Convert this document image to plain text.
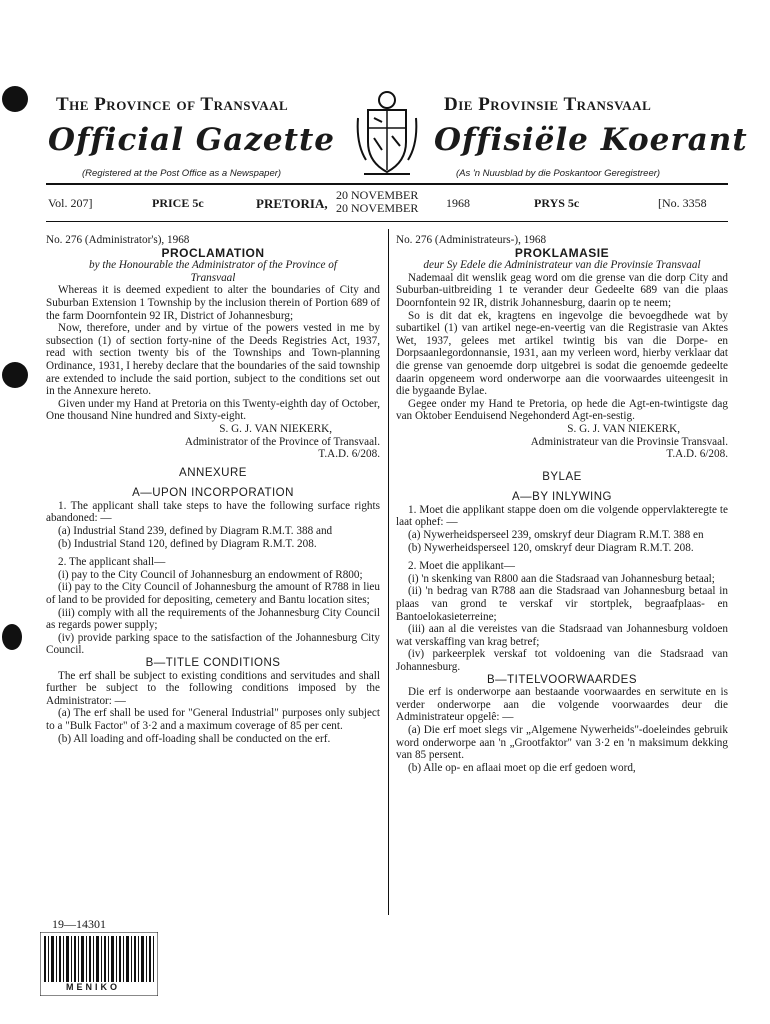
The Province of Transvaal	Die Provinsie Transvaal
Official Gazette	Offisiële Koerant
(Registered at the Post Office as a Newspaper)	(As 'n Nuusblad by die Poskantoor Geregistreer)
Vol. 207]	PRICE 5c	PRETORIA,
20 NOVEMBER
20 NOVEMBER 1968	PRYS 5c	[No. 3358

No. 276 (Administrator's), 1968

PROCLAMATION

by the Honourable the Administrator of the Province of Transvaal

Whereas it is deemed expedient to alter the boundaries of City and Suburban Extension 1 Township by the inclusion therein of Portion 689 of the farm Doornfontein 92 IR, District of Johannesburg;

Now, therefore, under and by virtue of the powers vested in me by subsection (1) of section forty-nine of the Deeds Registries Act, 1937, read with section twenty bis of the Townships and Town-planning Ordinance, 1931, I hereby declare that the boundaries of the said township are extended to include the said portion, subject to the conditions set out in the Annexure hereto.

Given under my Hand at Pretoria on this Twenty-eighth day of October, One thousand Nine hundred and Sixty-eight.

S. G. J. VAN NIEKERK,

Administrator of the Province of Transvaal.

T.A.D. 6/208.

ANNEXURE

A—UPON INCORPORATION

1. The applicant shall take steps to have the following surface rights abandoned: —

(a) Industrial Stand 239, defined by Diagram R.M.T. 388 and

(b) Industrial Stand 120, defined by Diagram R.M.T. 208.

2. The applicant shall—

(i) pay to the City Council of Johannesburg an endowment of R800;

(ii) pay to the City Council of Johannesburg the amount of R788 in lieu of land to be provided for depositing, cemetery and Bantu location sites;

(iii) comply with all the requirements of the Johannesburg City Council as regards power supply;

(iv) provide parking space to the satisfaction of the Johannesburg City Council.

B—TITLE CONDITIONS

The erf shall be subject to existing conditions and servitudes and shall further be subject to the following conditions imposed by the Administrator: —

(a) The erf shall be used for "General Industrial" purposes only subject to a "Bulk Factor" of 3·2 and a maximum coverage of 85 per cent.

(b) All loading and off-loading shall be conducted on the erf.

No. 276 (Administrateurs-), 1968

PROKLAMASIE

deur Sy Edele die Administrateur van die Provinsie Transvaal

Nademaal dit wenslik geag word om die grense van die dorp City and Suburban-uitbreiding 1 te verander deur Gedeelte 689 van die plaas Doornfontein 92 IR, distrik Johannesburg, daarin op te neem;

So is dit dat ek, kragtens en ingevolge die bevoegdhede wat by subartikel (1) van artikel nege-en-veertig van die Registrasie van Aktes Wet, 1937, gelees met artikel twintig bis van die Dorpe- en Dorpsaanlegordonnansie, 1931, aan my verleen word, hierby verklaar dat die grense van genoemde dorp uitgebrei is sodat die genoemde gedeelte daarin opgeneem word onderworpe aan die voorwaardes uiteengesit in die bygaande Bylae.

Gegee onder my Hand te Pretoria, op hede die Agt-en-twintigste dag van Oktober Eenduisend Negehonderd Agt-en-sestig.

S. G. J. VAN NIEKERK,

Administrateur van die Provinsie Transvaal.

T.A.D. 6/208.

BYLAE

A—BY INLYWING

1. Moet die applikant stappe doen om die volgende oppervlakteregte te laat ophef: —

(a) Nywerheidsperseel 239, omskryf deur Diagram R.M.T. 388 en

(b) Nywerheidsperseel 120, omskryf deur Diagram R.M.T. 208.

2. Moet die applikant—

(i) 'n skenking van R800 aan die Stadsraad van Johannesburg betaal;

(ii) 'n bedrag van R788 aan die Stadsraad van Johannesburg betaal in plaas van grond te verskaf vir stortplek, begraafplaas- en Bantoelokasieterreine;

(iii) aan al die vereistes van die Stadsraad van Johannesburg voldoen wat verskaffing van krag betref;

(iv) parkeerplek verskaf tot voldoening van die Stadsraad van Johannesburg.

B—TITELVOORWAARDES

Die erf is onderworpe aan bestaande voorwaardes en serwitute en is verder onderworpe aan die volgende voorwaardes deur die Administrateur opgelê: —

(a) Die erf moet slegs vir „Algemene Nywerheids"-doeleindes gebruik word onderworpe aan 'n „Grootfaktor" van 3·2 en 'n maksimum dekking van 85 persent.

(b) Alle op- en aflaai moet op die erf gedoen word,

19—14301
MENIKO
